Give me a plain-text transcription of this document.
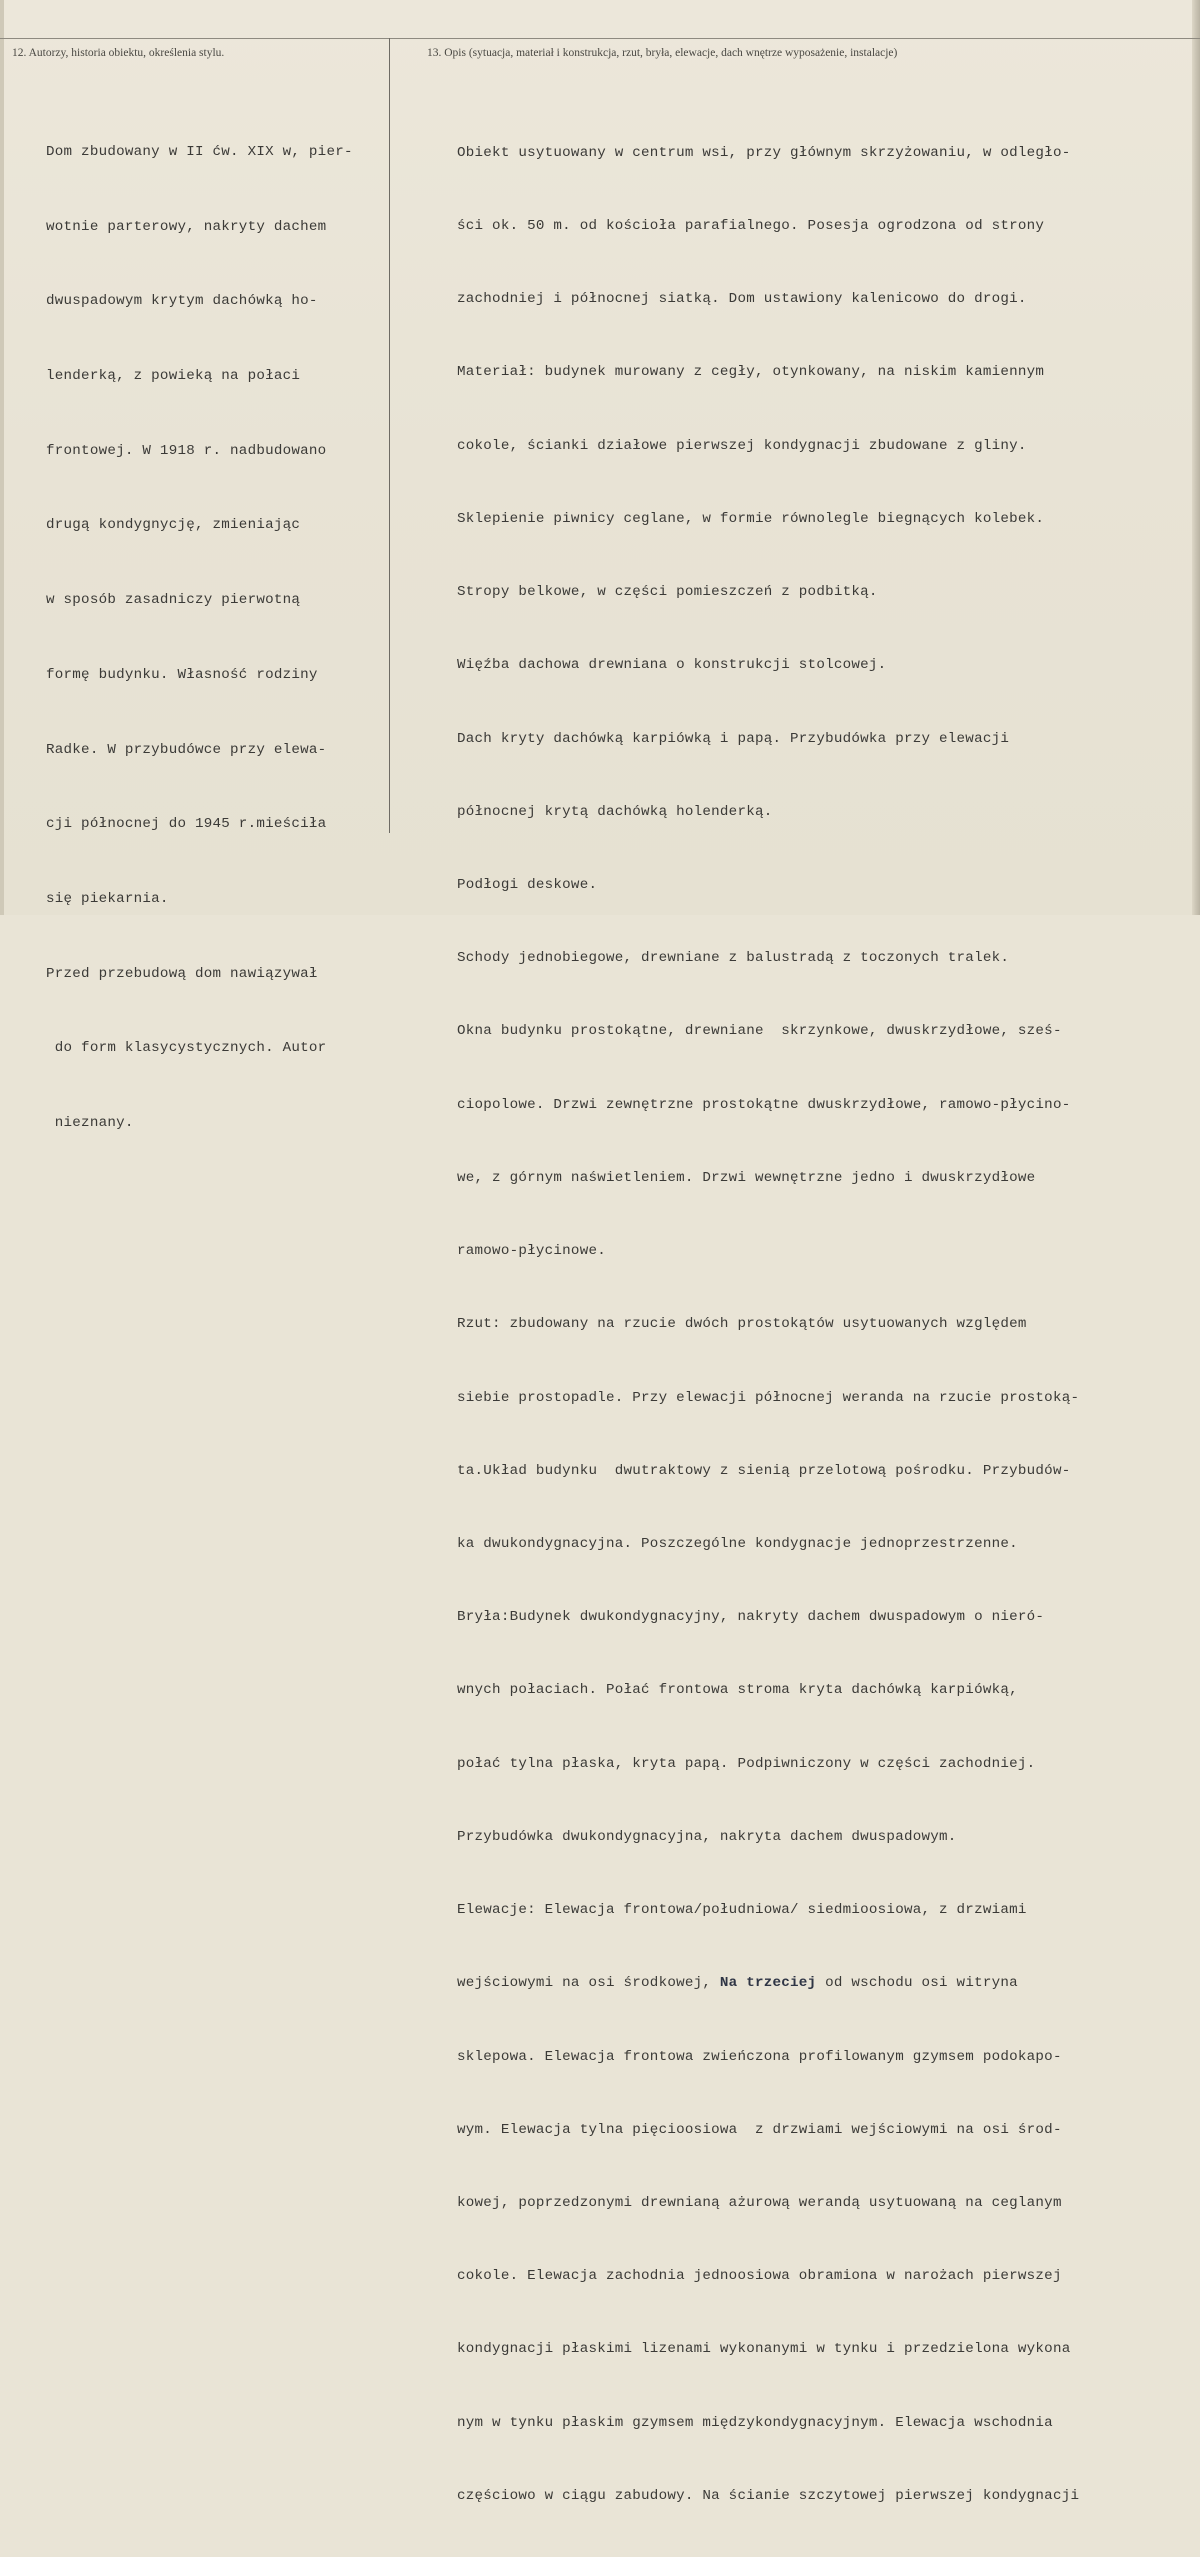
12. Autorzy, historia obiektu, określenia stylu.	13. Opis (sytuacja, materiał i konstrukcja, rzut, bryła, elewacje, dach wnętrze wyposażenie, instalacje)

Dom zbudowany w II ćw. XIX w, pier-

wotnie parterowy, nakryty dachem

dwuspadowym krytym dachówką ho-

lenderką, z powieką na połaci

frontowej. W 1918 r. nadbudowano

drugą kondygnycję, zmieniając

w sposób zasadniczy pierwotną

formę budynku. Własność rodziny

Radke. W przybudówce przy elewa-

cji północnej do 1945 r.mieściła

się piekarnia.

Przed przebudową dom nawiązywał

do form klasycystycznych. Autor

nieznany.

Obiekt usytuowany w centrum wsi, przy głównym skrzyżowaniu, w odległo-

ści ok. 50 m. od kościoła parafialnego. Posesja ogrodzona od strony

zachodniej i północnej siatką. Dom ustawiony kalenicowo do drogi.

Materiał: budynek murowany z cegły, otynkowany, na niskim kamiennym

cokole, ścianki działowe pierwszej kondygnacji zbudowane z gliny.

Sklepienie piwnicy ceglane, w formie równolegle biegnących kolebek.

Stropy belkowe, w części pomieszczeń z podbitką.

Więźba dachowa drewniana o konstrukcji stolcowej.

Dach kryty dachówką karpiówką i papą. Przybudówka przy elewacji

północnej krytą dachówką holenderką.

Podłogi deskowe.

Schody jednobiegowe, drewniane z balustradą z toczonych tralek.

Okna budynku prostokątne, drewniane  skrzynkowe, dwuskrzydłowe, sześ-

ciopolowe. Drzwi zewnętrzne prostokątne dwuskrzydłowe, ramowo-płycino-

we, z górnym naświetleniem. Drzwi wewnętrzne jedno i dwuskrzydłowe

ramowo-płycinowe.

Rzut: zbudowany na rzucie dwóch prostokątów usytuowanych względem

siebie prostopadle. Przy elewacji północnej weranda na rzucie prostoką-

ta.Układ budynku  dwutraktowy z sienią przelotową pośrodku. Przybudów-

ka dwukondygnacyjna. Poszczególne kondygnacje jednoprzestrzenne.

Bryła:Budynek dwukondygnacyjny, nakryty dachem dwuspadowym o nieró-

wnych połaciach. Połać frontowa stroma kryta dachówką karpiówką,

połać tylna płaska, kryta papą. Podpiwniczony w części zachodniej.

Przybudówka dwukondygnacyjna, nakryta dachem dwuspadowym.

Elewacje: Elewacja frontowa/południowa/ siedmioosiowa, z drzwiami

wejściowymi na osi środkowej, Na trzeciej od wschodu osi witryna

sklepowa. Elewacja frontowa zwieńczona profilowanym gzymsem podokapo-

wym. Elewacja tylna pięcioosiowa  z drzwiami wejściowymi na osi środ-

kowej, poprzedzonymi drewnianą ażurową werandą usytuowaną na ceglanym

cokole. Elewacja zachodnia jednoosiowa obramiona w narożach pierwszej

kondygnacji płaskimi lizenami wykonanymi w tynku i przedzielona wykona

nym w tynku płaskim gzymsem międzykondygnacyjnym. Elewacja wschodnia

częściowo w ciągu zabudowy. Na ścianie szczytowej pierwszej kondygnacji
